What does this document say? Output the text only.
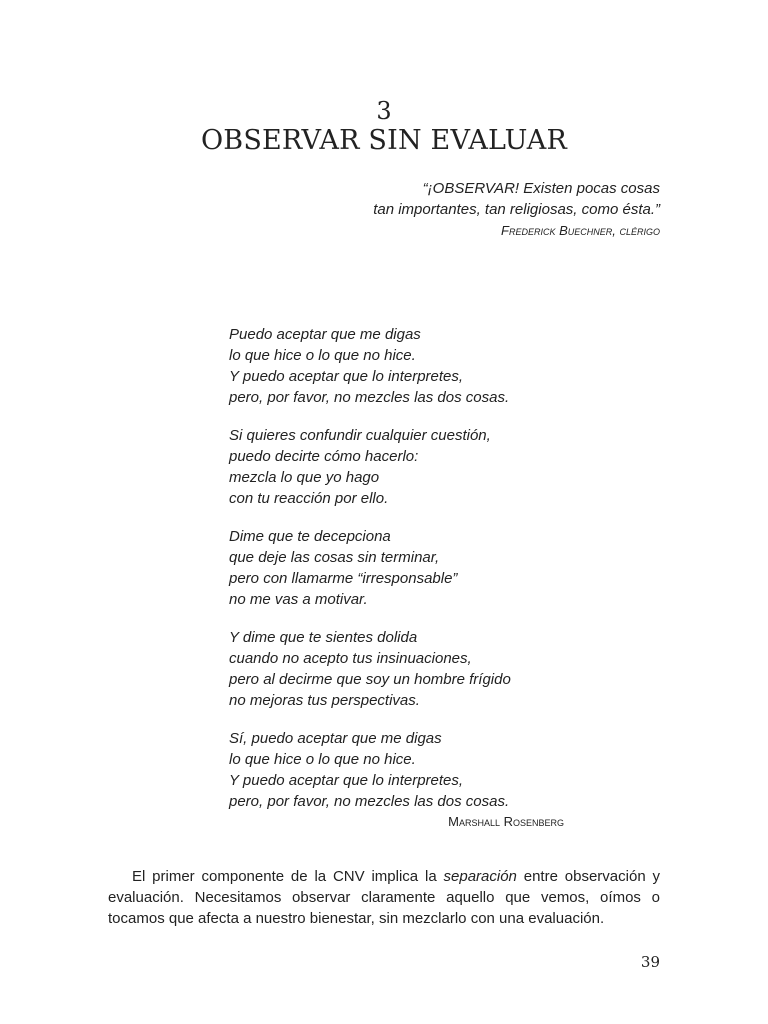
3
OBSERVAR SIN EVALUAR
“¡OBSERVAR! Existen pocas cosas
tan importantes, tan religiosas, como ésta.”
Frederick Buechner, clérigo
Puedo aceptar que me digas
lo que hice o lo que no hice.
Y puedo aceptar que lo interpretes,
pero, por favor, no mezcles las dos cosas.
Si quieres confundir cualquier cuestión,
puedo decirte cómo hacerlo:
mezcla lo que yo hago
con tu reacción por ello.
Dime que te decepciona
que deje las cosas sin terminar,
pero con llamarme “irresponsable”
no me vas a motivar.
Y dime que te sientes dolida
cuando no acepto tus insinuaciones,
pero al decirme que soy un hombre frígido
no mejoras tus perspectivas.
Sí, puedo aceptar que me digas
lo que hice o lo que no hice.
Y puedo aceptar que lo interpretes,
pero, por favor, no mezcles las dos cosas.
Marshall Rosenberg

El primer componente de la CNV implica la separación entre observación y evaluación. Necesitamos observar claramente aquello que vemos, oímos o tocamos que afecta a nuestro bienestar, sin mezclarlo con una evaluación.

39
